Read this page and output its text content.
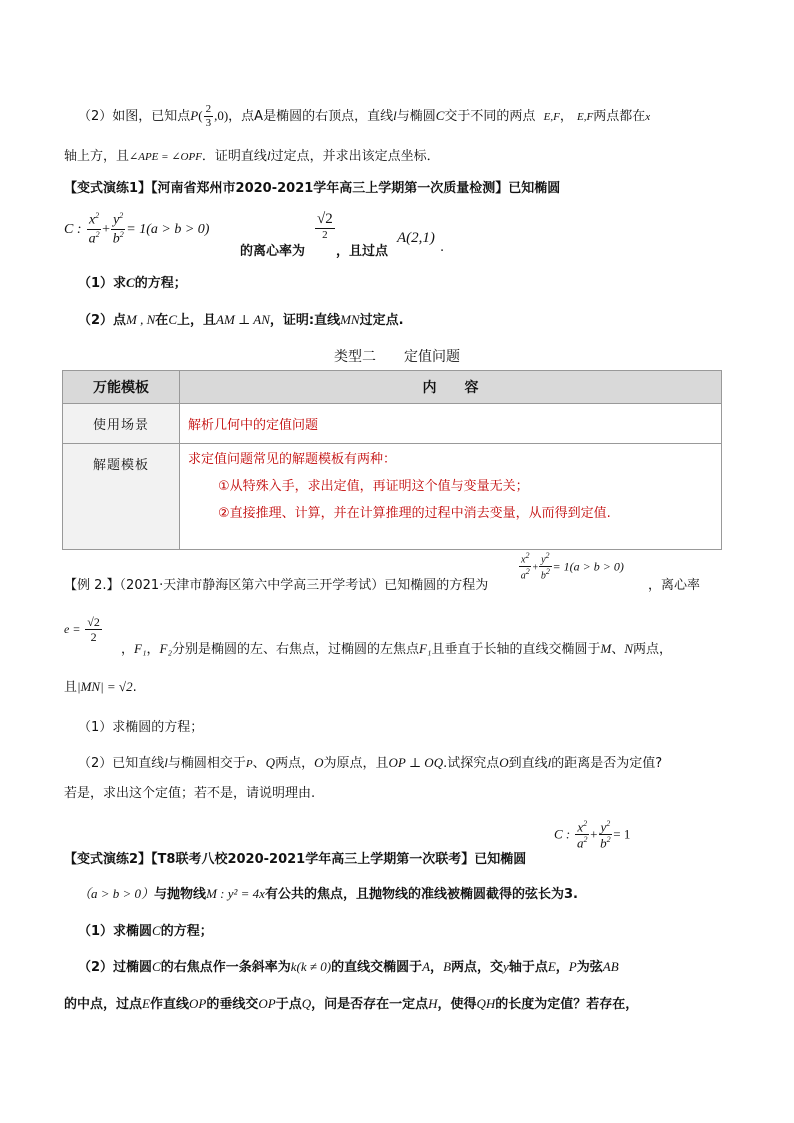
（2）如图，已知点$P( \frac{2}{3} ,0)$，点A是椭圆的右顶点，直线l与椭圆C交于不同的两点 E,F， E,F两点都在x
轴上方，且∠APE = ∠OPF．证明直线l过定点，并求出该定点坐标．
【变式演练1】【河南省郑州市2020-2021学年高三上学期第一次质量检测】已知椭圆
C : $\frac{x^2}{a^2} + \frac{y^2}{b^2} = 1(a > b > 0)$
的离心率为
$\frac{√2}{2}$
，且过点
A(2,1)
.
（1）求C的方程；
（2）点M , N在C上，且AM ⊥ AN，证明:直线MN过定点.
类型二　　定值问题
万能模板	内　　容
使用场景	解析几何中的定值问题
解题模板	求定值问题常见的解题模板有两种：
①从特殊入手，求出定值，再证明这个值与变量无关；
②直接推理、计算，并在计算推理的过程中消去变量，从而得到定值.
【例 2.】（2021·天津市静海区第六中学高三开学考试）已知椭圆的方程为
$\frac{x^2}{a^2} + \frac{y^2}{b^2} = 1(a > b > 0)$
，离心率
$e = \frac{√2}{2}$
，F₁，F₂分别是椭圆的左、右焦点，过椭圆的左焦点F₁且垂直于长轴的直线交椭圆于M、N两点，
且|MN| = √2.
（1）求椭圆的方程；
（2）已知直线l与椭圆相交于P、Q两点，O为原点，且OP ⊥ OQ.试探究点O到直线l的距离是否为定值?
若是，求出这个定值；若不是，请说明理由.
【变式演练2】【T8联考八校2020-2021学年高三上学期第一次联考】已知椭圆
C : $\frac{x^2}{a^2} + \frac{y^2}{b^2} = 1$
（a > b > 0）与抛物线M : y² = 4x有公共的焦点，且抛物线的准线被椭圆截得的弦长为3.
（1）求椭圆C的方程；
（2）过椭圆C的右焦点作一条斜率为k(k ≠ 0)的直线交椭圆于A，B两点，交y轴于点E，P为弦AB
的中点，过点E作直线OP的垂线交OP于点Q，问是否存在一定点H，使得QH的长度为定值？若存在，
